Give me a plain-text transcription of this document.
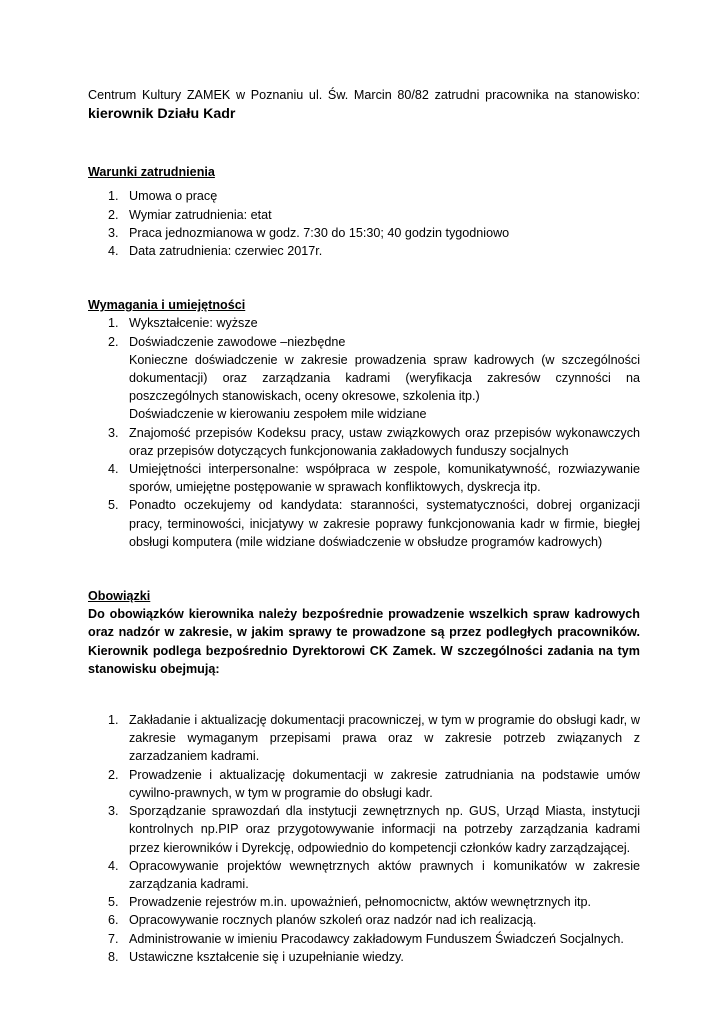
Centrum Kultury ZAMEK w Poznaniu ul. Św. Marcin 80/82 zatrudni pracownika na stanowisko:

kierownik Działu Kadr

Warunki zatrudnienia

1. Umowa o pracę
2. Wymiar zatrudnienia: etat
3. Praca jednozmianowa w godz. 7:30 do 15:30; 40 godzin tygodniowo
4. Data zatrudnienia: czerwiec 2017r.

Wymagania i umiejętności

1. Wykształcenie: wyższe
2. Doświadczenie zawodowe –niezbędne
Konieczne doświadczenie w zakresie prowadzenia spraw kadrowych (w szczególności dokumentacji) oraz zarządzania kadrami (weryfikacja zakresów czynności na poszczególnych stanowiskach, oceny okresowe, szkolenia itp.)
Doświadczenie w kierowaniu zespołem mile widziane
3. Znajomość przepisów Kodeksu pracy, ustaw związkowych oraz przepisów wykonawczych oraz przepisów dotyczących funkcjonowania zakładowych funduszy socjalnych
4. Umiejętności interpersonalne: współpraca w zespole, komunikatywność, rozwiazywanie sporów, umiejętne postępowanie w sprawach konfliktowych, dyskrecja itp.
5. Ponadto oczekujemy od kandydata: staranności, systematyczności, dobrej organizacji pracy, terminowości, inicjatywy w zakresie poprawy funkcjonowania kadr w firmie, biegłej obsługi komputera (mile widziane doświadczenie w obsłudze programów kadrowych)

Obowiązki

Do obowiązków kierownika należy bezpośrednie prowadzenie wszelkich spraw kadrowych oraz nadzór w zakresie, w jakim sprawy te prowadzone są przez podległych pracowników. Kierownik podlega bezpośrednio Dyrektorowi CK Zamek. W szczególności zadania na tym stanowisku obejmują:

1. Zakładanie i aktualizację dokumentacji pracowniczej, w tym w programie do obsługi kadr, w zakresie wymaganym przepisami prawa oraz w zakresie potrzeb związanych z zarzadzaniem kadrami.
2. Prowadzenie i aktualizację dokumentacji w zakresie zatrudniania na podstawie umów cywilno-prawnych, w tym w programie do obsługi kadr.
3. Sporządzanie sprawozdań dla instytucji zewnętrznych np. GUS, Urząd Miasta, instytucji kontrolnych np.PIP oraz przygotowywanie informacji na potrzeby zarządzania kadrami przez kierowników i Dyrekcję, odpowiednio do kompetencji członków kadry zarządzającej.
4. Opracowywanie projektów wewnętrznych aktów prawnych i komunikatów w zakresie zarządzania kadrami.
5. Prowadzenie rejestrów m.in. upoważnień, pełnomocnictw, aktów wewnętrznych itp.
6. Opracowywanie rocznych planów szkoleń oraz nadzór nad ich realizacją.
7. Administrowanie w imieniu Pracodawcy zakładowym Funduszem Świadczeń Socjalnych.
8. Ustawiczne kształcenie się i uzupełnianie wiedzy.
